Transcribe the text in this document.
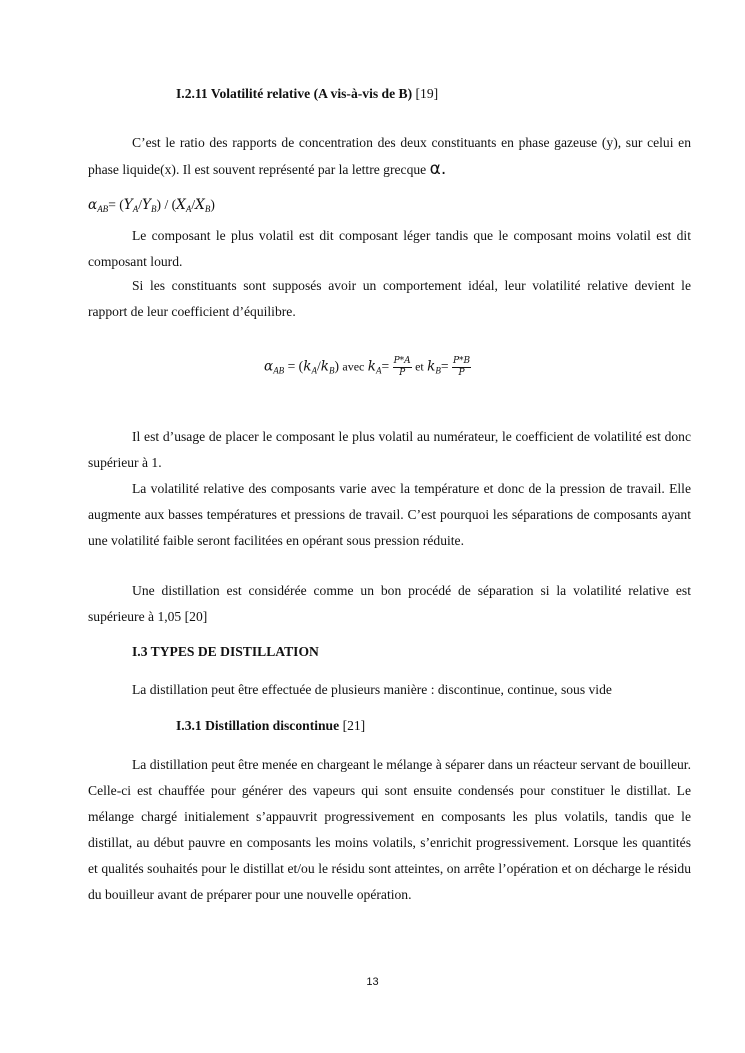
I.2.11 Volatilité relative (A vis-à-vis de B) [19]

C’est le ratio des rapports de concentration des deux constituants en phase gazeuse (y), sur celui en phase liquide(x). Il est souvent représenté par la lettre grecque α.

$\alpha_{AB}= (Y_A/Y_B) / (X_A/X_B)$

Le composant le plus volatil est dit composant léger tandis que le composant moins volatil est dit composant lourd.

Si les constituants sont supposés avoir un comportement idéal, leur volatilité relative devient le rapport de leur coefficient d’équilibre.

$\alpha_{AB} = (k_A/k_B)$ avec $k_A= \frac{P*A}{P}$ et $k_B= \frac{P*B}{P}$

Il est d’usage de placer le composant le plus volatil au numérateur, le coefficient de volatilité est donc supérieur à 1.

La volatilité relative des composants varie avec la température et donc de la pression de travail. Elle augmente aux basses températures et pressions de travail. C’est pourquoi les séparations de composants ayant une volatilité faible seront facilitées en opérant sous pression réduite.

Une distillation est considérée comme un bon procédé de séparation si la volatilité relative est supérieure à 1,05 [20]

I.3 TYPES DE DISTILLATION

La distillation peut être effectuée de plusieurs manière : discontinue, continue, sous vide

I.3.1 Distillation discontinue [21]

La distillation peut être menée en chargeant le mélange à séparer dans un réacteur servant de bouilleur. Celle-ci est chauffée pour générer des vapeurs qui sont ensuite condensés pour constituer le distillat. Le mélange chargé initialement s’appauvrit progressivement en composants les plus volatils, tandis que le distillat, au début pauvre en composants les moins volatils, s’enrichit progressivement. Lorsque les quantités et qualités souhaités pour le distillat et/ou le résidu sont atteintes, on arrête l’opération et on décharge le résidu du bouilleur avant de préparer pour une nouvelle opération.

13
